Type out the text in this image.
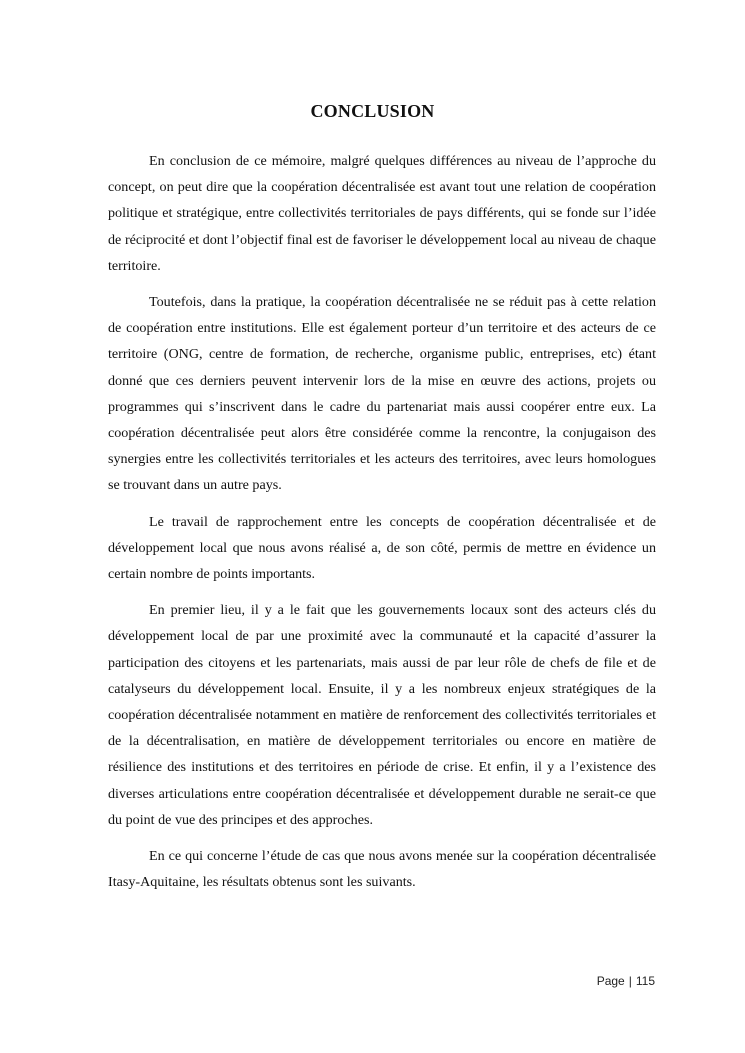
CONCLUSION

En conclusion de ce mémoire, malgré quelques différences au niveau de l’approche du concept, on peut dire que la coopération décentralisée est avant tout une relation de coopération politique et stratégique, entre collectivités territoriales de pays différents, qui se fonde sur l’idée de réciprocité et dont l’objectif final est de favoriser le développement local au niveau de chaque territoire.

Toutefois, dans la pratique, la coopération décentralisée ne se réduit pas à cette relation de coopération entre institutions. Elle est également porteur d’un territoire et des acteurs de ce territoire (ONG, centre de formation, de recherche, organisme public, entreprises, etc) étant donné que ces derniers peuvent intervenir lors de la mise en œuvre des actions, projets ou programmes qui s’inscrivent dans le cadre du partenariat mais aussi coopérer entre eux. La coopération décentralisée peut alors être considérée comme la rencontre, la conjugaison des synergies entre les collectivités territoriales et les acteurs des territoires, avec leurs homologues se trouvant dans un autre pays.

Le travail de rapprochement entre les concepts de coopération décentralisée et de développement local que nous avons réalisé a, de son côté, permis de mettre en évidence un certain nombre de points importants.

En premier lieu, il y a le fait que les gouvernements locaux sont des acteurs clés du développement local de par une proximité avec la communauté et la capacité d’assurer la participation des citoyens et les partenariats, mais aussi de par leur rôle de chefs de file et de catalyseurs du développement local. Ensuite, il y a les nombreux enjeux stratégiques de la coopération décentralisée notamment en matière de renforcement des collectivités territoriales et de la décentralisation, en matière de développement territoriales ou encore en matière de résilience des institutions et des territoires en période de crise. Et enfin, il y a l’existence des diverses articulations entre coopération décentralisée et développement durable ne serait-ce que du point de vue des principes et des approches.

En ce qui concerne l’étude de cas que nous avons menée sur la coopération décentralisée Itasy-Aquitaine, les résultats obtenus sont les suivants.

Page | 115
